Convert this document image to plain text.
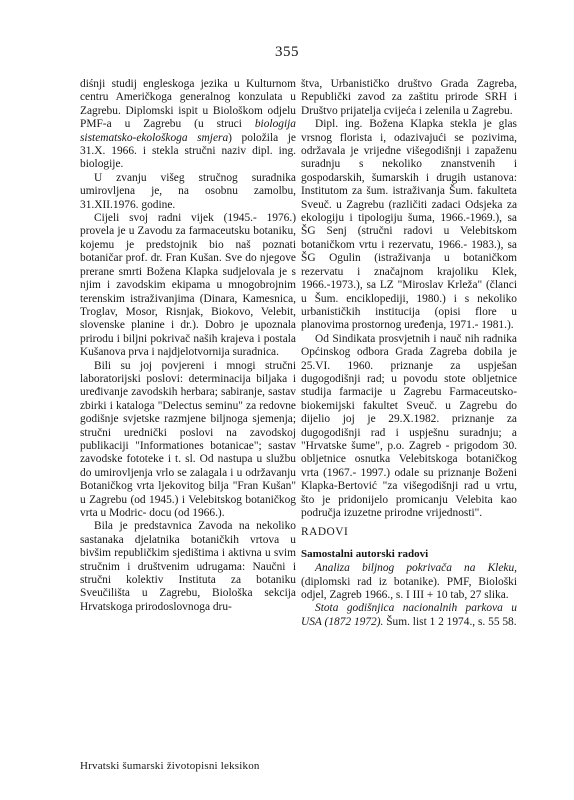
355

diśnji studij engleskoga jezika u Kulturnom centru Američkoga generalnog konzulata u Zagrebu. Diplomski ispit u Biološkom odjelu PMF-a u Zagrebu (u struci biologija sistematsko-ekološkoga smjera) položila je 31.X. 1966. i stekla stručni naziv dipl. ing. biologije.

U zvanju višeg stručnog suradnika umirovljena je, na osobnu zamolbu, 31.XII.1976. godine.

Cijeli svoj radni vijek (1945.- 1976.) provela je u Zavodu za farmaceutsku botaniku, kojemu je predstojnik bio naš poznati botaničar prof. dr. Fran Kušan. Sve do njegove prerane smrti Božena Klapka sudjelovala je s njim i zavodskim ekipama u mnogobrojnim terenskim istraživanjima (Dinara, Kamesnica, Troglav, Mosor, Risnjak, Biokovo, Velebit, slovenske planine i dr.). Dobro je upoznala prirodu i biljni pokrivač naših krajeva i postala Kušanova prva i najdjelotvornija suradnica.

Bili su joj povjereni i mnogi stručni laboratorijski poslovi: determinacija biljaka i uređivanje zavodskih herbara; sabiranje, sastav zbirki i kataloga "Delectus seminu" za redovne godišnje svjetske razmjene biljnoga sjemenja; stručni urednički poslovi na zavodskoj publikaciji "Informationes botanicae"; sastav zavodske fototeke i t. sl. Od nastupa u službu do umirovljenja vrlo se zalagala i u održavanju Botaničkog vrta ljekovitog bilja "Fran Kušan" u Zagrebu (od 1945.) i Velebitskog botaničkog vrta u Modric- docu (od 1966.).

Bila je predstavnica Zavoda na nekoliko sastanaka djelatnika botaničkih vrtova u bivšim republičkim sjedištima i aktivna u svim stručnim i društvenim udrugama: Naučni i stručni kolektiv Instituta za botaniku Sveučilišta u Zagrebu, Biološka sekcija Hrvatskoga prirodoslovnoga dru-

štva, Urbanističko društvo Grada Zagreba, Republički zavod za zaštitu prirode SRH i Društvo prijatelja cvijeća i zelenila u Zagrebu.

Dipl. ing. Božena Klapka stekla je glas vrsnog florista i, odazivajući se pozivima, održavala je vrijedne višegodišnji i zapaženu suradnju s nekoliko znanstvenih i gospodarskih, šumarskih i drugih ustanova: Institutom za šum. istraživanja Šum. fakulteta Sveuč. u Zagrebu (različiti zadaci Odsjeka za ekologiju i tipologiju šuma, 1966.-1969.), sa ŠG Senj (stručni radovi u Velebitskom botaničkom vrtu i rezervatu, 1966.- 1983.), sa ŠG Ogulin (istraživanja u botaničkom rezervatu i značajnom krajoliku Klek, 1966.-1973.), sa LZ "Miroslav Krleža" (članci u Šum. enciklopediji, 1980.) i s nekoliko urbanističkih institucija (opisi flore u planovima prostornog uređenja, 1971.- 1981.).

Od Sindikata prosvjetnih i nauč nih radnika Općinskog odbora Grada Zagreba dobila je 25.VI. 1960. priznanje za uspješan dugogodišnji rad; u povodu stote obljetnice studija farmacije u Zagrebu Farmaceutsko-biokemijski fakultet Sveuč. u Zagrebu do dijelio joj je 29.X.1982. priznanje za dugogodišnji rad i uspješnu suradnju; a "Hrvatske šume", p.o. Zagreb - prigodom 30. obljetnice osnutka Velebitskoga botaničkog vrta (1967.- 1997.) odale su priznanje Boženi Klapka-Bertović "za višegodišnji rad u vrtu, što je pridonijelo promicanju Velebita kao područja izuzetne prirodne vrijednosti".

RADOVI
Samostalni autorski radovi

Analiza biljnog pokrivača na Kleku, (diplomski rad iz botanike). PMF, Biološki odjel, Zagreb 1966., s. I III + 10 tab, 27 slika.

Stota godišnjica nacionalnih parkova u USA (1872 1972). Šum. list 1 2 1974., s. 55 58.

Hrvatski šumarski životopisni leksikon
